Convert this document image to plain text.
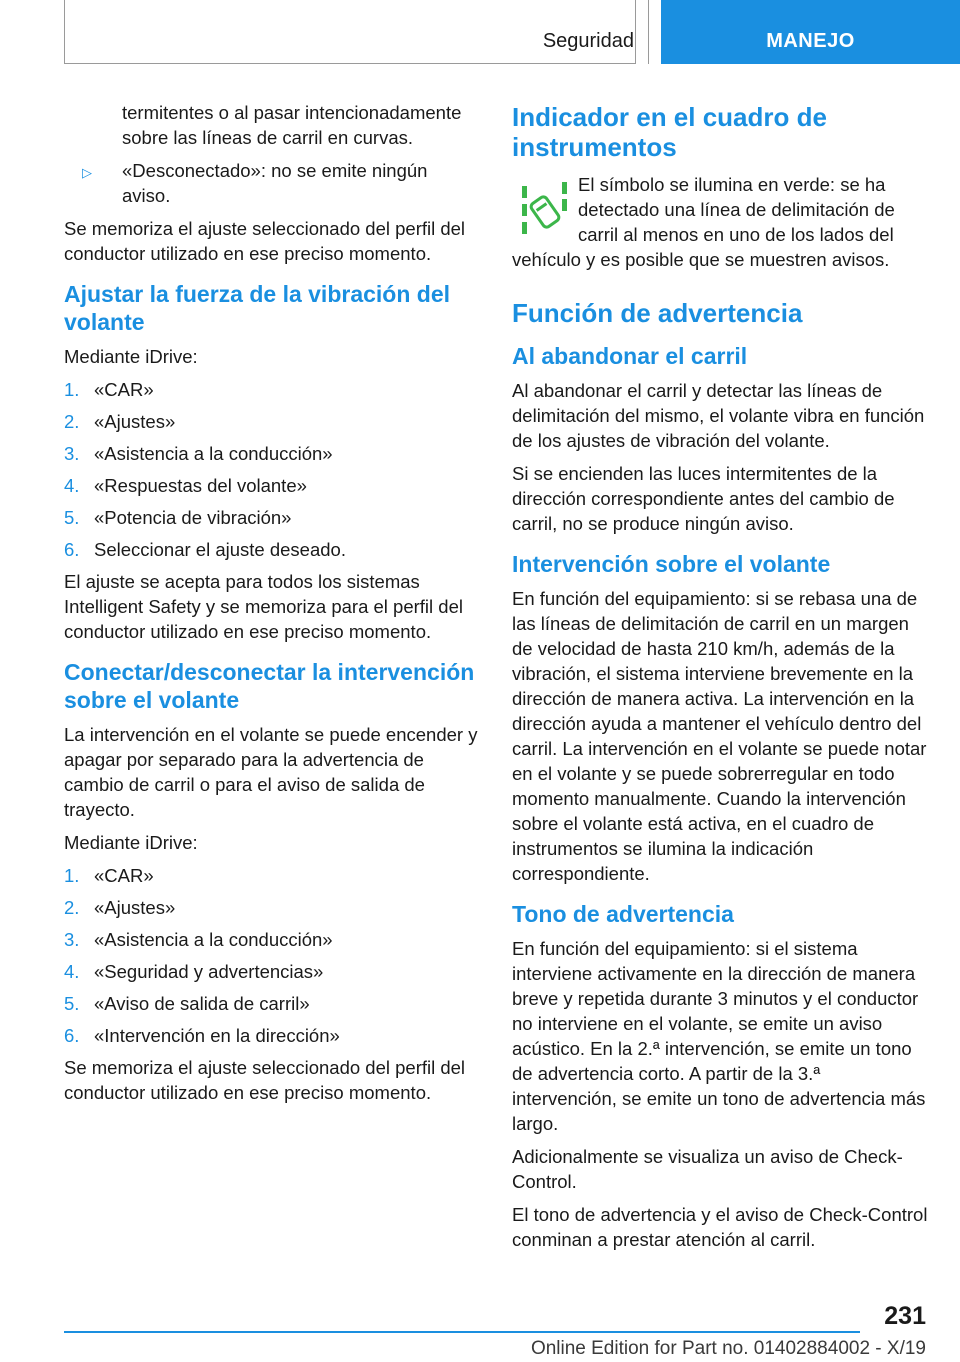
Seguridad	MANEJO

termitentes o al pasar intencionadamente sobre las líneas de carril en curvas.

▷	«Desconectado»: no se emite ningún aviso.

Se memoriza el ajuste seleccionado del perfil del conductor utilizado en ese preciso momento.

Ajustar la fuerza de la vibración del volante

Mediante iDrive:

1. «CAR»
2. «Ajustes»
3. «Asistencia a la conducción»
4. «Respuestas del volante»
5. «Potencia de vibración»
6. Seleccionar el ajuste deseado.

El ajuste se acepta para todos los sistemas Intelligent Safety y se memoriza para el perfil del conductor utilizado en ese preciso momento.

Conectar/desconectar la intervención sobre el volante

La intervención en el volante se puede encender y apagar por separado para la advertencia de cambio de carril o para el aviso de salida de trayecto.

Mediante iDrive:

1. «CAR»
2. «Ajustes»
3. «Asistencia a la conducción»
4. «Seguridad y advertencias»
5. «Aviso de salida de carril»
6. «Intervención en la dirección»

Se memoriza el ajuste seleccionado del perfil del conductor utilizado en ese preciso momento.

Indicador en el cuadro de instrumentos

El símbolo se ilumina en verde: se ha detectado una línea de delimitación de carril al menos en uno de los lados del vehículo y es posible que se muestren avisos.

Función de advertencia
Al abandonar el carril

Al abandonar el carril y detectar las líneas de delimitación del mismo, el volante vibra en función de los ajustes de vibración del volante.

Si se encienden las luces intermitentes de la dirección correspondiente antes del cambio de carril, no se produce ningún aviso.

Intervención sobre el volante

En función del equipamiento: si se rebasa una de las líneas de delimitación de carril en un margen de velocidad de hasta 210 km/h, además de la vibración, el sistema interviene brevemente en la dirección de manera activa. La intervención en la dirección ayuda a mantener el vehículo dentro del carril. La intervención en el volante se puede notar en el volante y se puede sobrerregular en todo momento manualmente. Cuando la intervención sobre el volante está activa, en el cuadro de instrumentos se ilumina la indicación correspondiente.

Tono de advertencia

En función del equipamiento: si el sistema interviene activamente en la dirección de manera breve y repetida durante 3 minutos y el conductor no interviene en el volante, se emite un aviso acústico. En la 2.ª intervención, se emite un tono de advertencia corto. A partir de la 3.ª intervención, se emite un tono de advertencia más largo.

Adicionalmente se visualiza un aviso de Check-Control.

El tono de advertencia y el aviso de Check-Control conminan a prestar atención al carril.

231
Online Edition for Part no. 01402884002 - X/19
